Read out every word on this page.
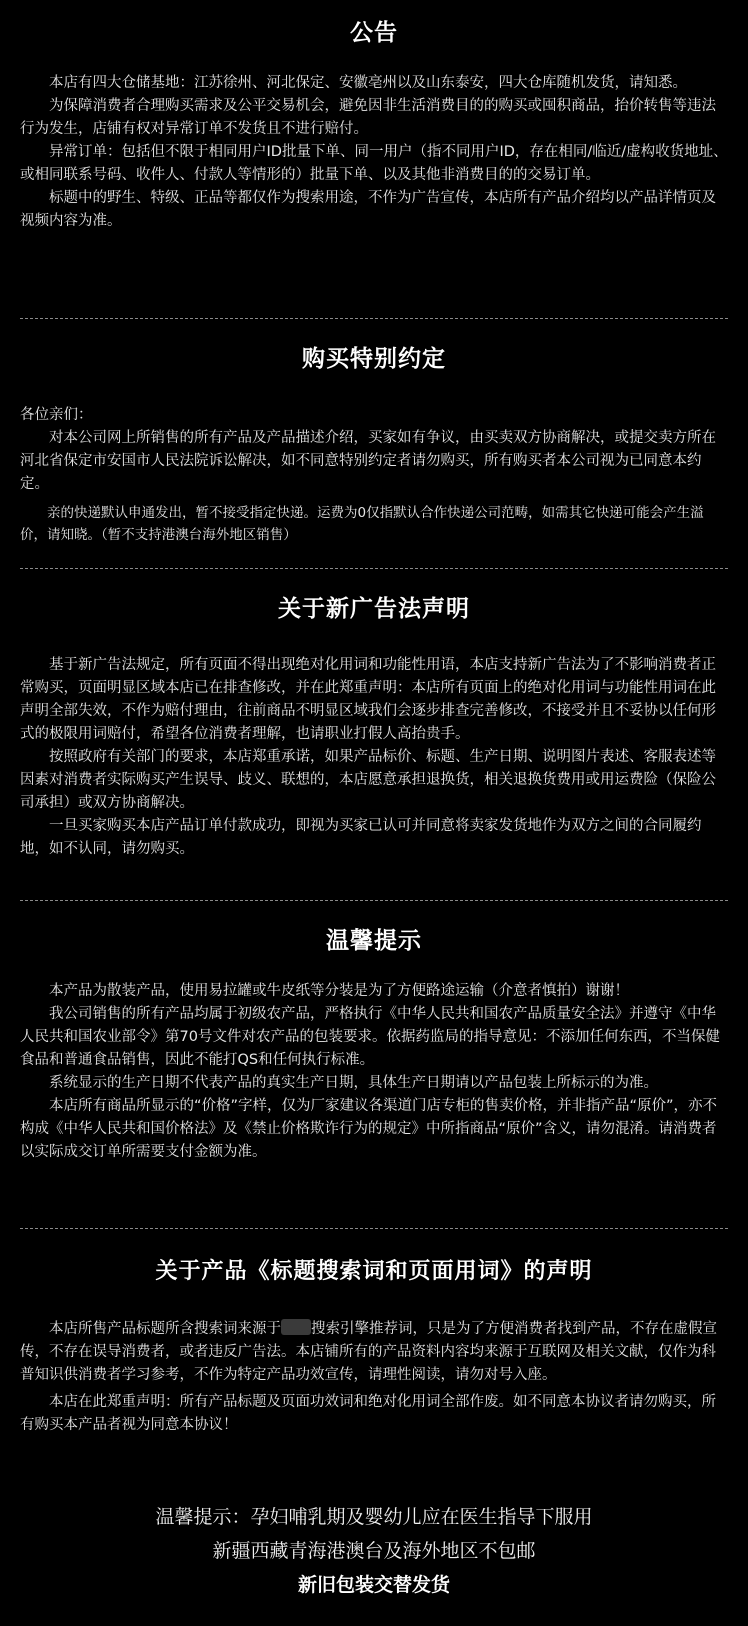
公告

本店有四大仓储基地：江苏徐州、河北保定、安徽亳州以及山东泰安，四大仓库随机发货，请知悉。

为保障消费者合理购买需求及公平交易机会，避免因非生活消费目的的购买或囤积商品，抬价转售等违法行为发生，店铺有权对异常订单不发货且不进行赔付。

异常订单：包括但不限于相同用户ID批量下单、同一用户（指不同用户ID，存在相同/临近/虚构收货地址、或相同联系号码、收件人、付款人等情形的）批量下单、以及其他非消费目的的交易订单。

标题中的野生、特级、正品等都仅作为搜索用途，不作为广告宣传，本店所有产品介绍均以产品详情页及视频内容为准。

购买特别约定

各位亲们：

对本公司网上所销售的所有产品及产品描述介绍，买家如有争议，由买卖双方协商解决，或提交卖方所在河北省保定市安国市人民法院诉讼解决，如不同意特别约定者请勿购买，所有购买者本公司视为已同意本约定。

亲的快递默认申通发出，暂不接受指定快递。运费为0仅指默认合作快递公司范畴，如需其它快递可能会产生溢价，请知晓。（暂不支持港澳台海外地区销售）

关于新广告法声明

基于新广告法规定，所有页面不得出现绝对化用词和功能性用语，本店支持新广告法为了不影响消费者正常购买，页面明显区域本店已在排查修改，并在此郑重声明：本店所有页面上的绝对化用词与功能性用词在此声明全部失效，不作为赔付理由，往前商品不明显区域我们会逐步排查完善修改，不接受并且不妥协以任何形式的极限用词赔付，希望各位消费者理解，也请职业打假人高抬贵手。

按照政府有关部门的要求，本店郑重承诺，如果产品标价、标题、生产日期、说明图片表述、客服表述等因素对消费者实际购买产生误导、歧义、联想的，本店愿意承担退换货，相关退换货费用或用运费险（保险公司承担）或双方协商解决。

一旦买家购买本店产品订单付款成功，即视为买家已认可并同意将卖家发货地作为双方之间的合同履约地，如不认同，请勿购买。

温馨提示

本产品为散装产品，使用易拉罐或牛皮纸等分装是为了方便路途运输（介意者慎拍）谢谢！

我公司销售的所有产品均属于初级农产品，严格执行《中华人民共和国农产品质量安全法》并遵守《中华人民共和国农业部令》第70号文件对农产品的包装要求。依据药监局的指导意见：不添加任何东西，不当保健食品和普通食品销售，因此不能打QS和任何执行标准。

系统显示的生产日期不代表产品的真实生产日期，具体生产日期请以产品包装上所标示的为准。

本店所有商品所显示的“价格”字样，仅为厂家建议各渠道门店专柜的售卖价格，并非指产品“原价”，亦不构成《中华人民共和国价格法》及《禁止价格欺诈行为的规定》中所指商品“原价”含义，请勿混淆。请消费者以实际成交订单所需要支付金额为准。

关于产品《标题搜索词和页面用词》的声明

本店所售产品标题所含搜索词来源于 搜索引擎推荐词，只是为了方便消费者找到产品，不存在虚假宣传，不存在误导消费者，或者违反广告法。本店铺所有的产品资料内容均来源于互联网及相关文献，仅作为科普知识供消费者学习参考，不作为特定产品功效宣传，请理性阅读，请勿对号入座。

本店在此郑重声明：所有产品标题及页面功效词和绝对化用词全部作废。如不同意本协议者请勿购买，所有购买本产品者视为同意本协议！

温馨提示：孕妇哺乳期及婴幼儿应在医生指导下服用

新疆西藏青海港澳台及海外地区不包邮

新旧包装交替发货
